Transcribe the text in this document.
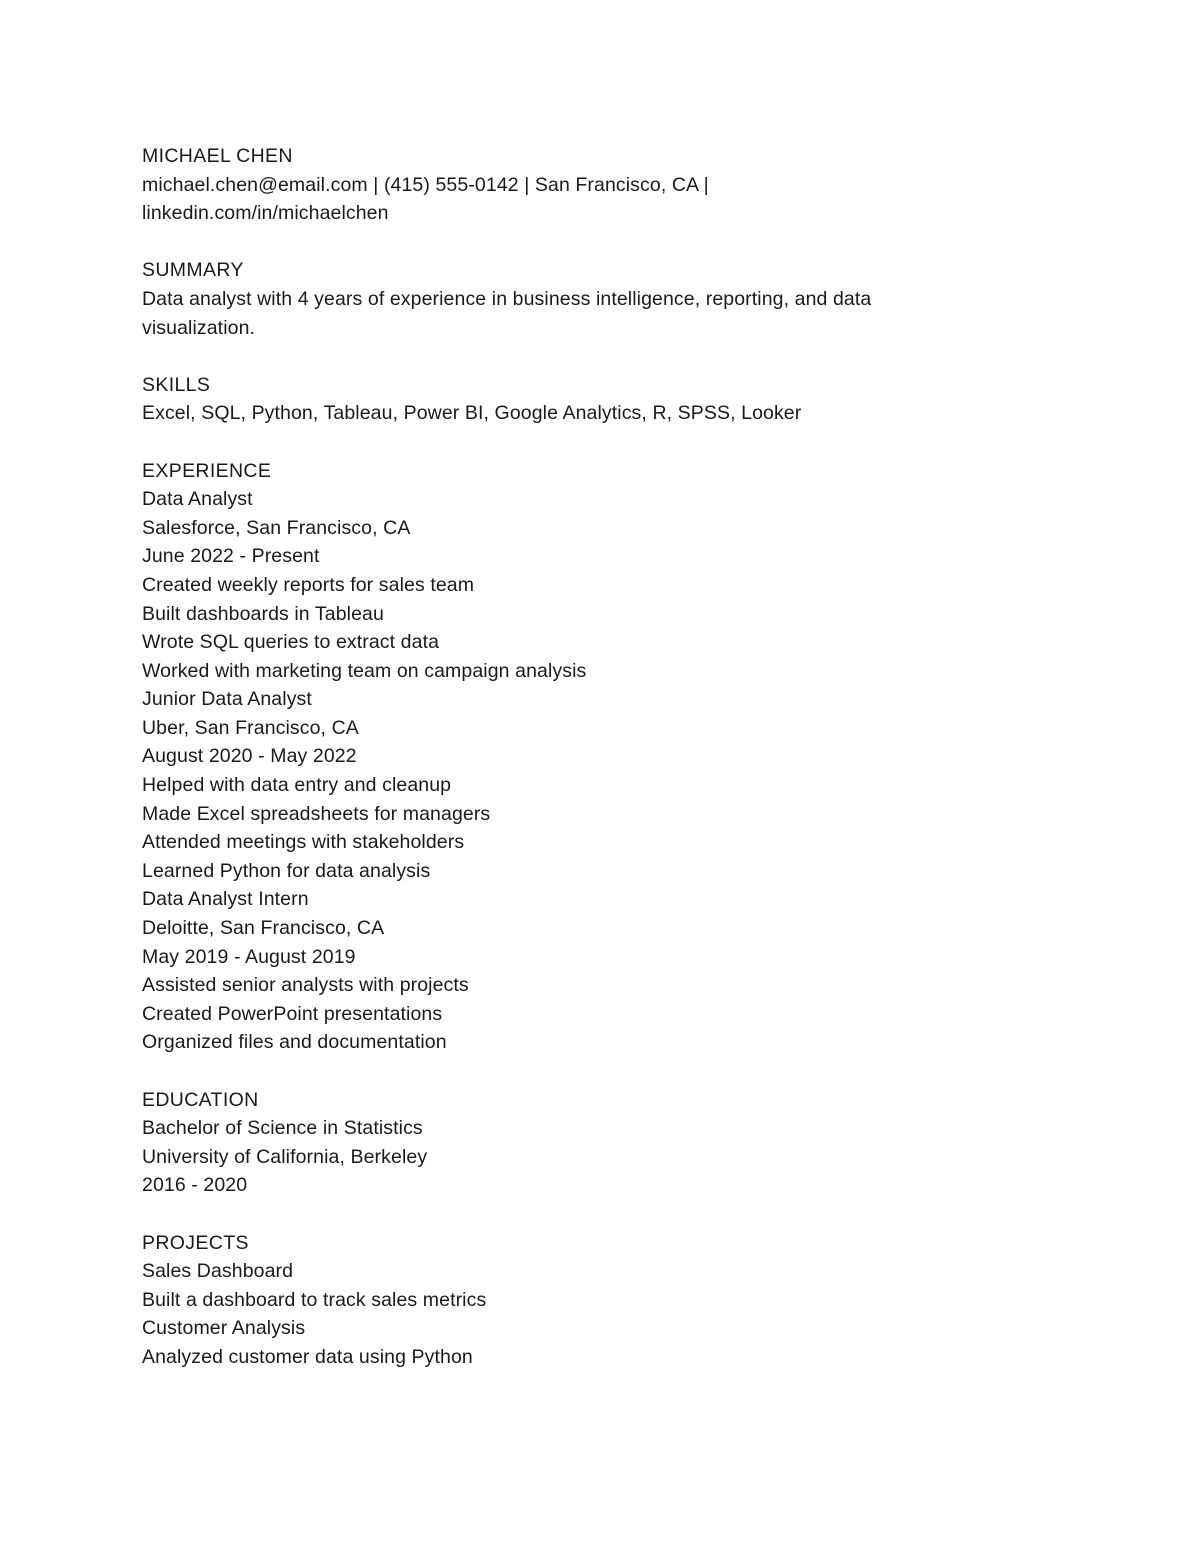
MICHAEL CHEN
michael.chen@email.com | (415) 555-0142 | San Francisco, CA |
linkedin.com/in/michaelchen
SUMMARY
Data analyst with 4 years of experience in business intelligence, reporting, and data visualization.
SKILLS
Excel, SQL, Python, Tableau, Power BI, Google Analytics, R, SPSS, Looker
EXPERIENCE
Data Analyst
Salesforce, San Francisco, CA
June 2022 - Present
Created weekly reports for sales team
Built dashboards in Tableau
Wrote SQL queries to extract data
Worked with marketing team on campaign analysis
Junior Data Analyst
Uber, San Francisco, CA
August 2020 - May 2022
Helped with data entry and cleanup
Made Excel spreadsheets for managers
Attended meetings with stakeholders
Learned Python for data analysis
Data Analyst Intern
Deloitte, San Francisco, CA
May 2019 - August 2019
Assisted senior analysts with projects
Created PowerPoint presentations
Organized files and documentation
EDUCATION
Bachelor of Science in Statistics
University of California, Berkeley
2016 - 2020
PROJECTS
Sales Dashboard
Built a dashboard to track sales metrics
Customer Analysis
Analyzed customer data using Python
